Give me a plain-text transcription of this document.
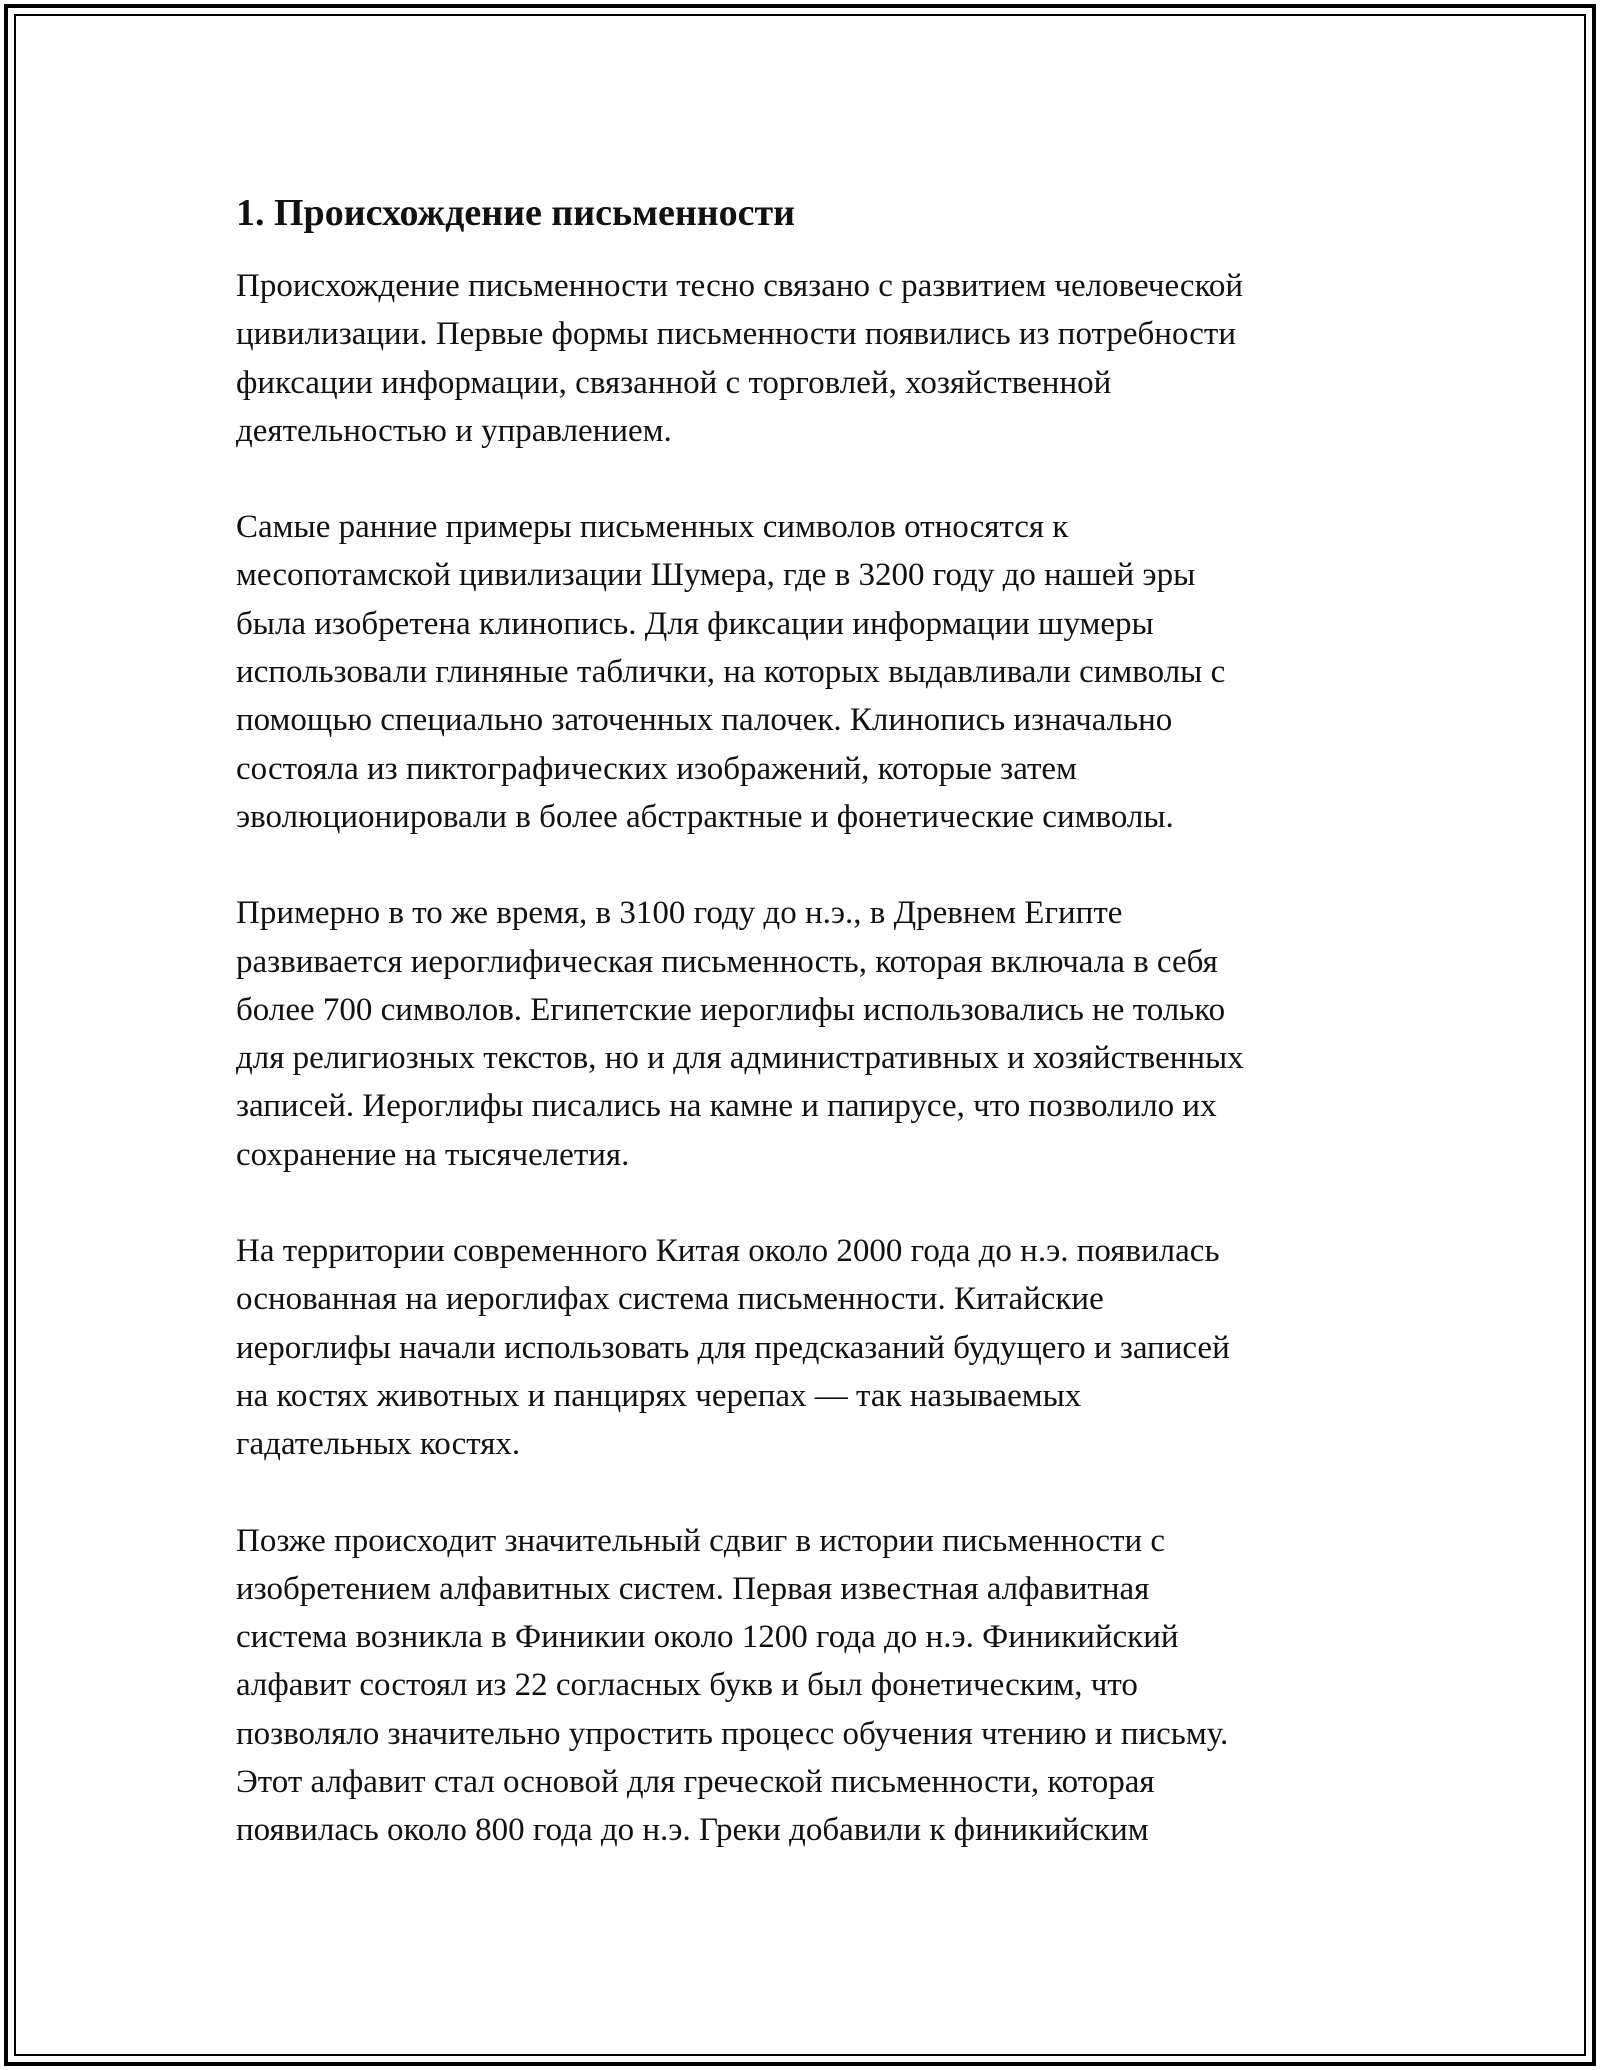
1. Происхождение письменности

Происхождение письменности тесно связано с развитием человеческой
цивилизации. Первые формы письменности появились из потребности
фиксации информации, связанной с торговлей, хозяйственной
деятельностью и управлением.

Самые ранние примеры письменных символов относятся к
месопотамской цивилизации Шумера, где в 3200 году до нашей эры
была изобретена клинопись. Для фиксации информации шумеры
использовали глиняные таблички, на которых выдавливали символы с
помощью специально заточенных палочек. Клинопись изначально
состояла из пиктографических изображений, которые затем
эволюционировали в более абстрактные и фонетические символы.

Примерно в то же время, в 3100 году до н.э., в Древнем Египте
развивается иероглифическая письменность, которая включала в себя
более 700 символов. Египетские иероглифы использовались не только
для религиозных текстов, но и для административных и хозяйственных
записей. Иероглифы писались на камне и папирусе, что позволило их
сохранение на тысячелетия.

На территории современного Китая около 2000 года до н.э. появилась
основанная на иероглифах система письменности. Китайские
иероглифы начали использовать для предсказаний будущего и записей
на костях животных и панцирях черепах — так называемых
гадательных костях.

Позже происходит значительный сдвиг в истории письменности с
изобретением алфавитных систем. Первая известная алфавитная
система возникла в Финикии около 1200 года до н.э. Финикийский
алфавит состоял из 22 согласных букв и был фонетическим, что
позволяло значительно упростить процесс обучения чтению и письму.
Этот алфавит стал основой для греческой письменности, которая
появилась около 800 года до н.э. Греки добавили к финикийским
